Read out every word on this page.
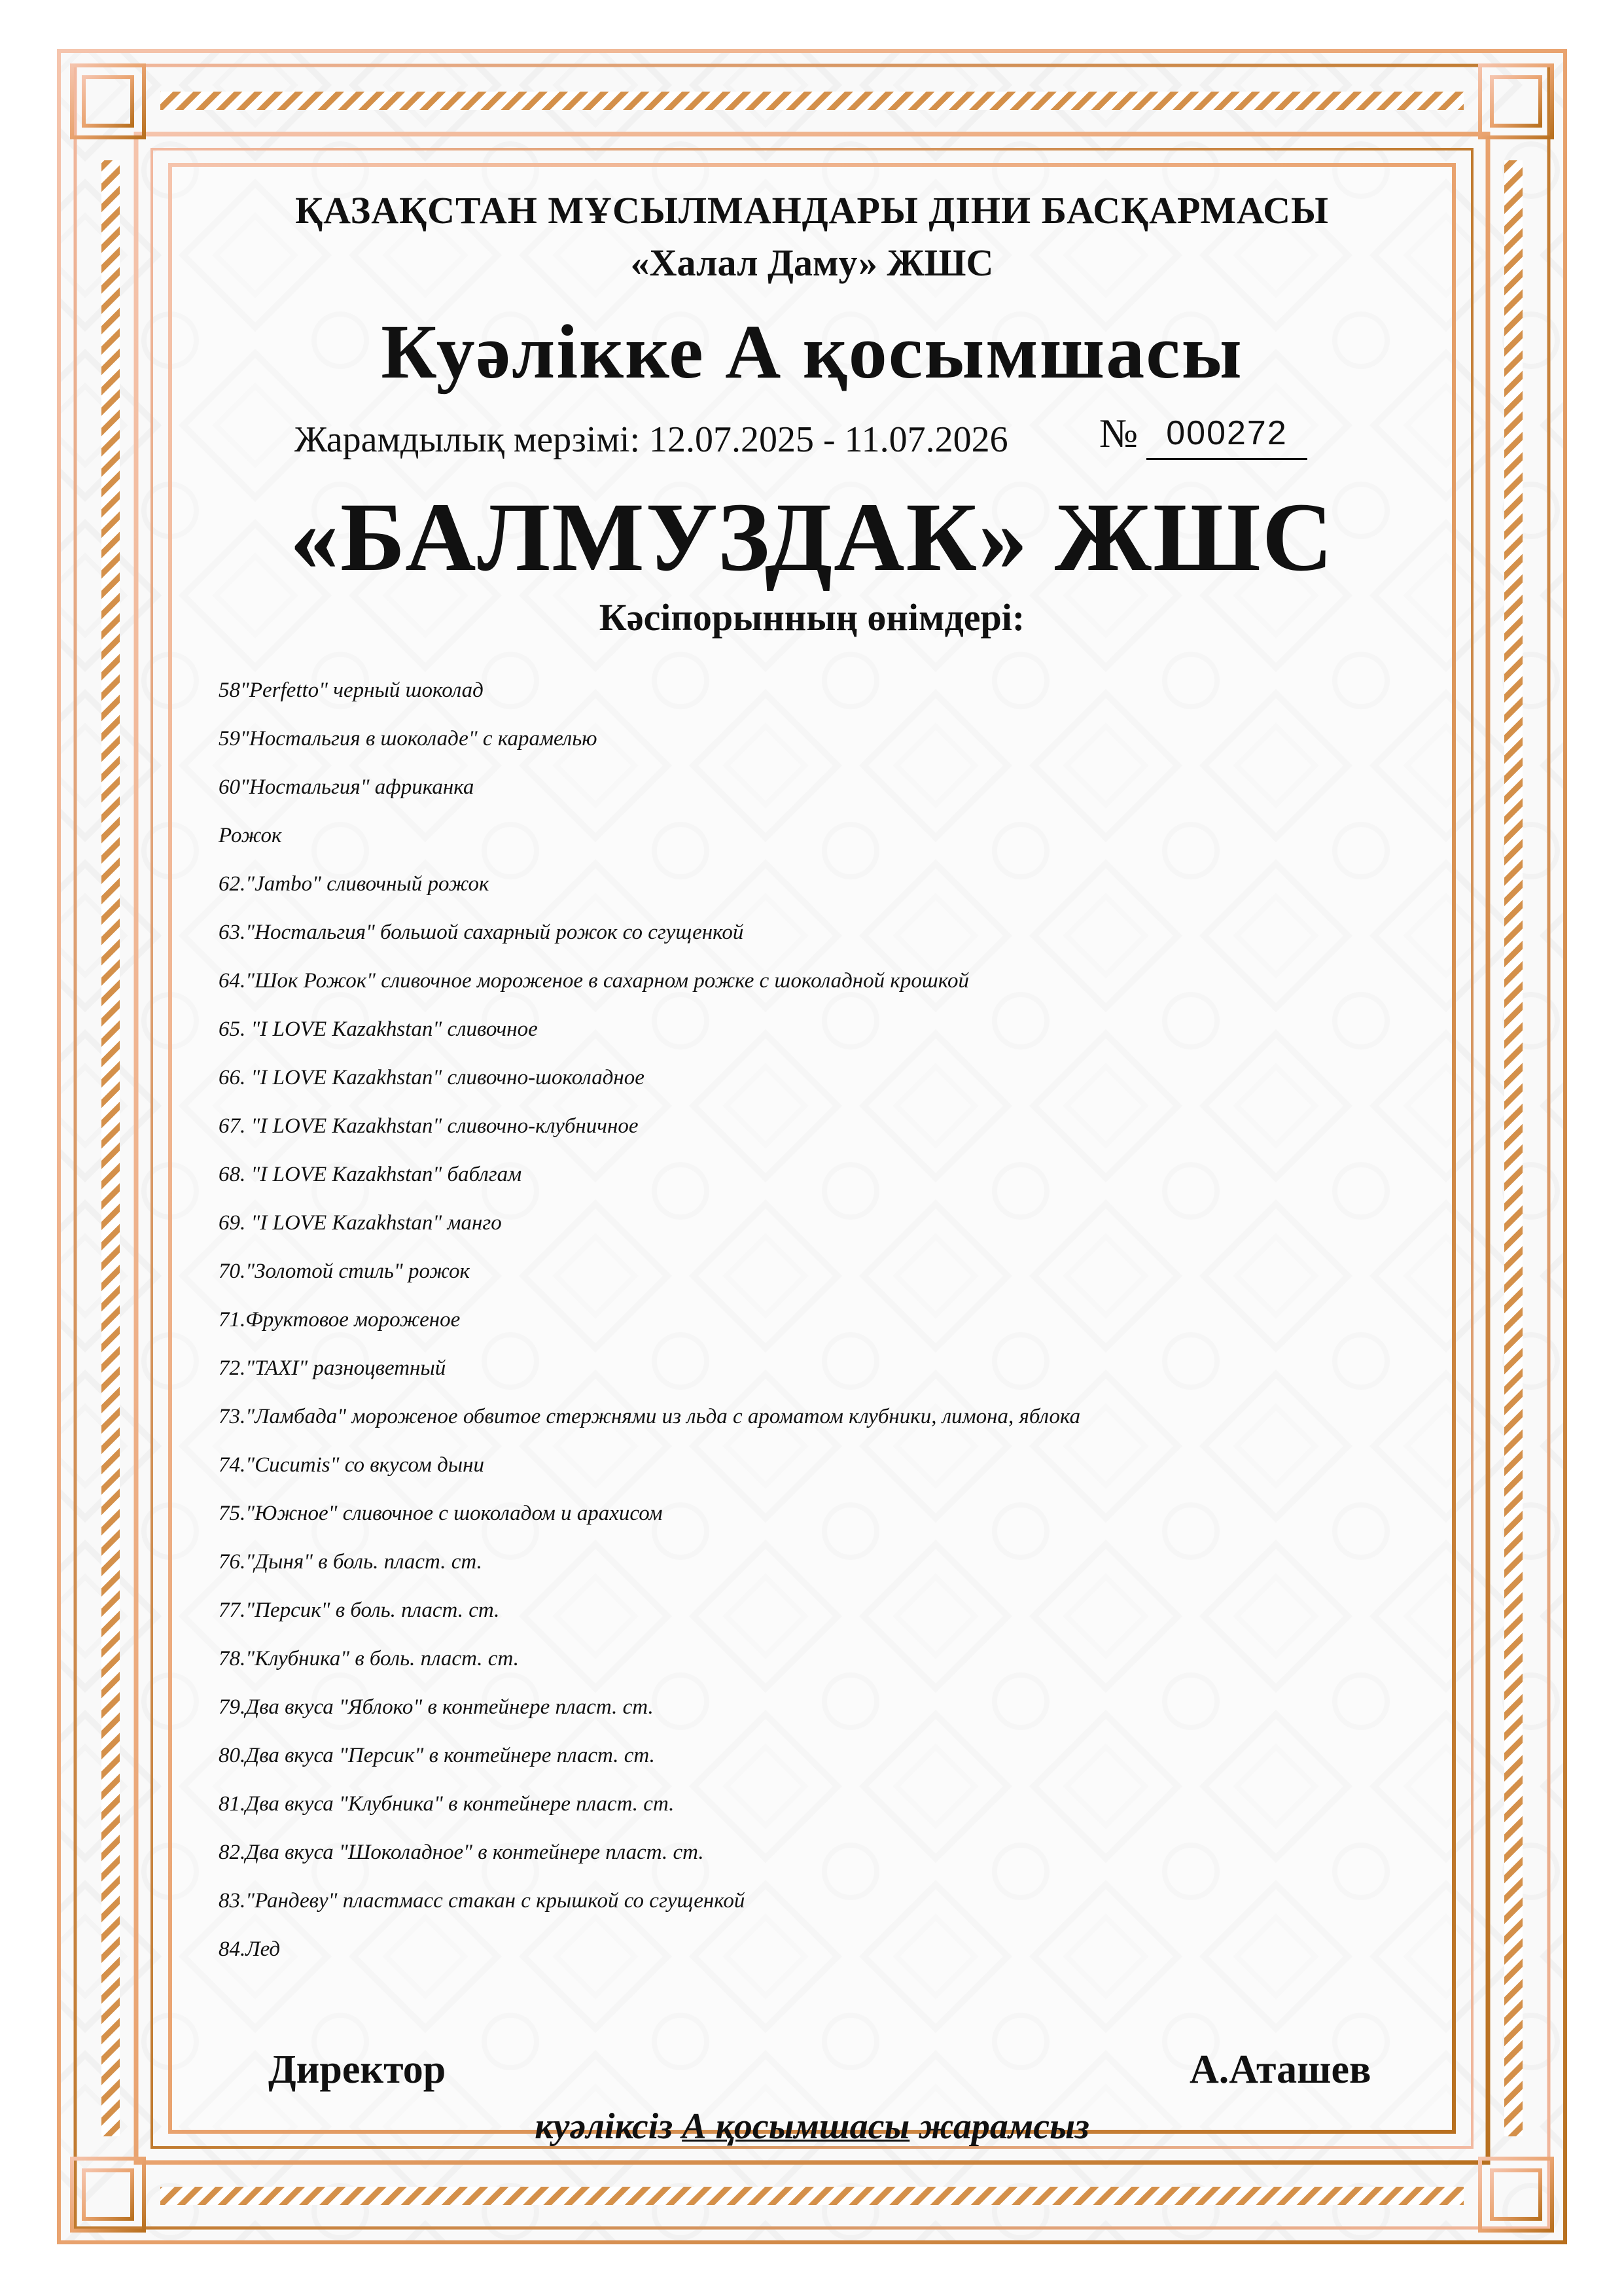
ҚАЗАҚСТАН МҰСЫЛМАНДАРЫ ДІНИ БАСҚАРМАСЫ
«Халал Даму» ЖШС
Куәлікке А қосымшасы
Жарамдылық мерзімі: 12.07.2025 - 11.07.2026 № 000272
«БАЛМУЗДАК» ЖШС
Кәсіпорынның өнімдері:
58"Perfetto" черный шоколад
59"Ностальгия в шоколаде" с карамелью
60"Ностальгия" африканка
Рожок
62."Jambo" сливочный рожок
63."Ностальгия" большой сахарный рожок со сгущенкой
64."Шок Рожок" сливочное мороженое в сахарном рожке с шоколадной крошкой
65. "I LOVE Kazakhstan" сливочное
66. "I LOVE Kazakhstan" сливочно-шоколадное
67. "I LOVE Kazakhstan" сливочно-клубничное
68. "I LOVE Kazakhstan" баблгам
69. "I LOVE Kazakhstan" манго
70."Золотой стиль" рожок
71.Фруктовое мороженое
72."TAXI" разноцветный
73."Ламбада" мороженое обвитое стержнями из льда с ароматом клубники, лимона, яблока
74."Cucumis" со вкусом дыни
75."Южное" сливочное с шоколадом и арахисом
76."Дыня" в боль. пласт. ст.
77."Персик" в боль. пласт. ст.
78."Клубника" в боль. пласт. ст.
79.Два вкуса "Яблоко" в контейнере пласт. ст.
80.Два вкуса "Персик" в контейнере пласт. ст.
81.Два вкуса "Клубника" в контейнере пласт. ст.
82.Два вкуса "Шоколадное" в контейнере пласт. ст.
83."Рандеву" пластмасс стакан с крышкой со сгущенкой
84.Лед
Директор	А.Аташев
куәліксіз А қосымшасы жарамсыз
